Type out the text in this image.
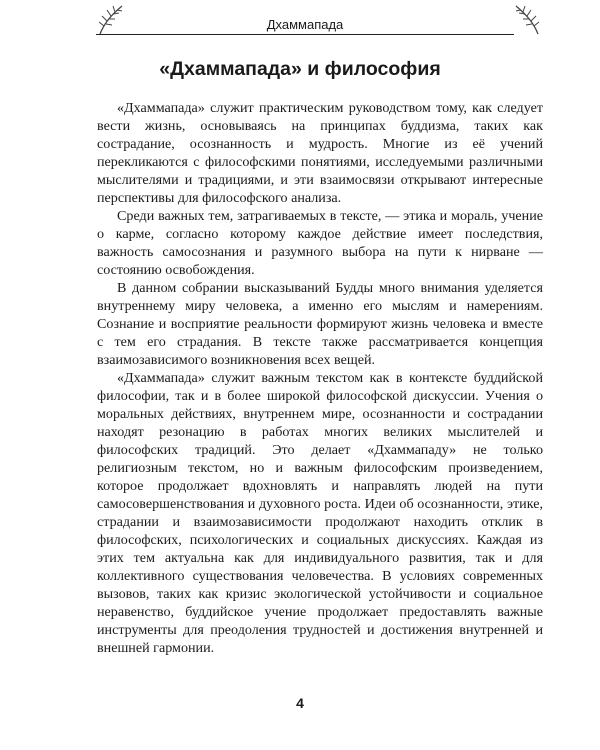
Дхаммапада
«Дхаммапада» и философия

«Дхаммапада» служит практическим руководством тому, как следует вести жизнь, основываясь на принципах буддизма, таких как сострадание, осознанность и мудрость. Многие из её учений перекликаются с философскими понятиями, исследуемыми различными мыслителями и традициями, и эти взаимосвязи открывают интересные перспективы для философского анализа.

Среди важных тем, затрагиваемых в тексте, — этика и мораль, учение о карме, согласно которому каждое действие имеет последствия, важность самосознания и разумного выбора на пути к нирване — состоянию освобождения.

В данном собрании высказываний Будды много внимания уделяется внутреннему миру человека, а именно его мыслям и намерениям. Сознание и восприятие реальности формируют жизнь человека и вместе с тем его страдания. В тексте также рассматривается концепция взаимозависимого возникновения всех вещей.

«Дхаммапада» служит важным текстом как в контексте буддийской философии, так и в более широкой философской дискуссии. Учения о моральных действиях, внутреннем мире, осознанности и сострадании находят резонацию в работах многих великих мыслителей и философских традиций. Это делает «Дхаммападу» не только религиозным текстом, но и важным философским произведением, которое продолжает вдохновлять и направлять людей на пути самосовершенствования и духовного роста. Идеи об осознанности, этике, страдании и взаимозависимости продолжают находить отклик в философских, психологических и социальных дискуссиях. Каждая из этих тем актуальна как для индивидуального развития, так и для коллективного существования человечества. В условиях современных вызовов, таких как кризис экологической устойчивости и социальное неравенство, буддийское учение продолжает предоставлять важные инструменты для преодоления трудностей и достижения внутренней и внешней гармонии.

4
